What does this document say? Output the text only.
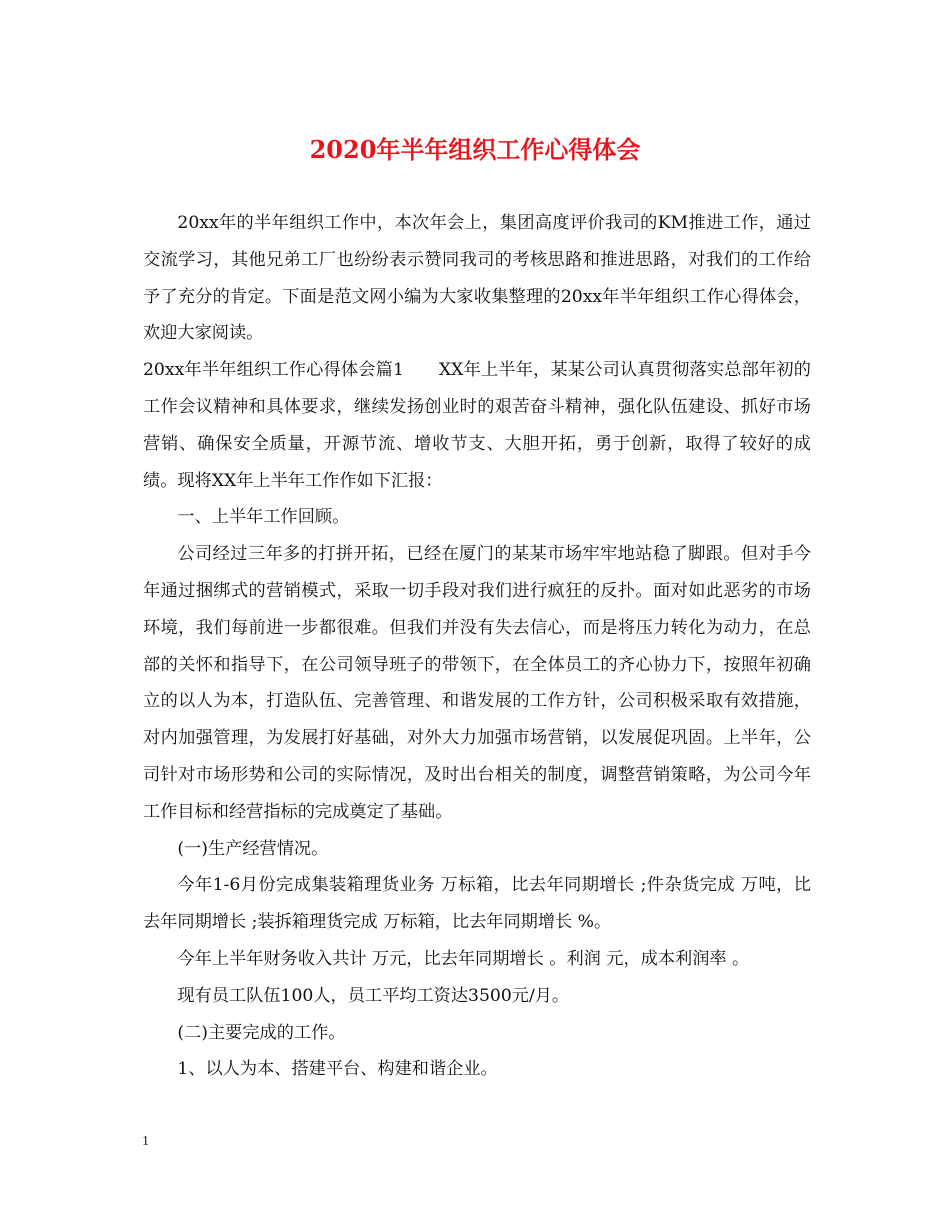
2020年半年组织工作心得体会

20xx年的半年组织工作中，本次年会上，集团高度评价我司的KM推进工作，通过交流学习，其他兄弟工厂也纷纷表示赞同我司的考核思路和推进思路，对我们的工作给予了充分的肯定。下面是范文网小编为大家收集整理的20xx年半年组织工作心得体会，欢迎大家阅读。

20xx年半年组织工作心得体会篇1　　XX年上半年，某某公司认真贯彻落实总部年初的工作会议精神和具体要求，继续发扬创业时的艰苦奋斗精神，强化队伍建设、抓好市场营销、确保安全质量，开源节流、增收节支、大胆开拓，勇于创新，取得了较好的成绩。现将XX年上半年工作作如下汇报：

一、上半年工作回顾。

公司经过三年多的打拼开拓，已经在厦门的某某市场牢牢地站稳了脚跟。但对手今年通过捆绑式的营销模式，采取一切手段对我们进行疯狂的反扑。面对如此恶劣的市场环境，我们每前进一步都很难。但我们并没有失去信心，而是将压力转化为动力，在总部的关怀和指导下，在公司领导班子的带领下，在全体员工的齐心协力下，按照年初确立的以人为本，打造队伍、完善管理、和谐发展的工作方针，公司积极采取有效措施，对内加强管理，为发展打好基础，对外大力加强市场营销，以发展促巩固。上半年，公司针对市场形势和公司的实际情况，及时出台相关的制度，调整营销策略，为公司今年工作目标和经营指标的完成奠定了基础。

(一)生产经营情况。

今年1-6月份完成集装箱理货业务 万标箱，比去年同期增长 ;件杂货完成 万吨，比去年同期增长 ;装拆箱理货完成 万标箱，比去年同期增长 %。

今年上半年财务收入共计 万元，比去年同期增长 。利润 元，成本利润率 。

现有员工队伍100人，员工平均工资达3500元/月。

(二)主要完成的工作。

1、以人为本、搭建平台、构建和谐企业。

1
